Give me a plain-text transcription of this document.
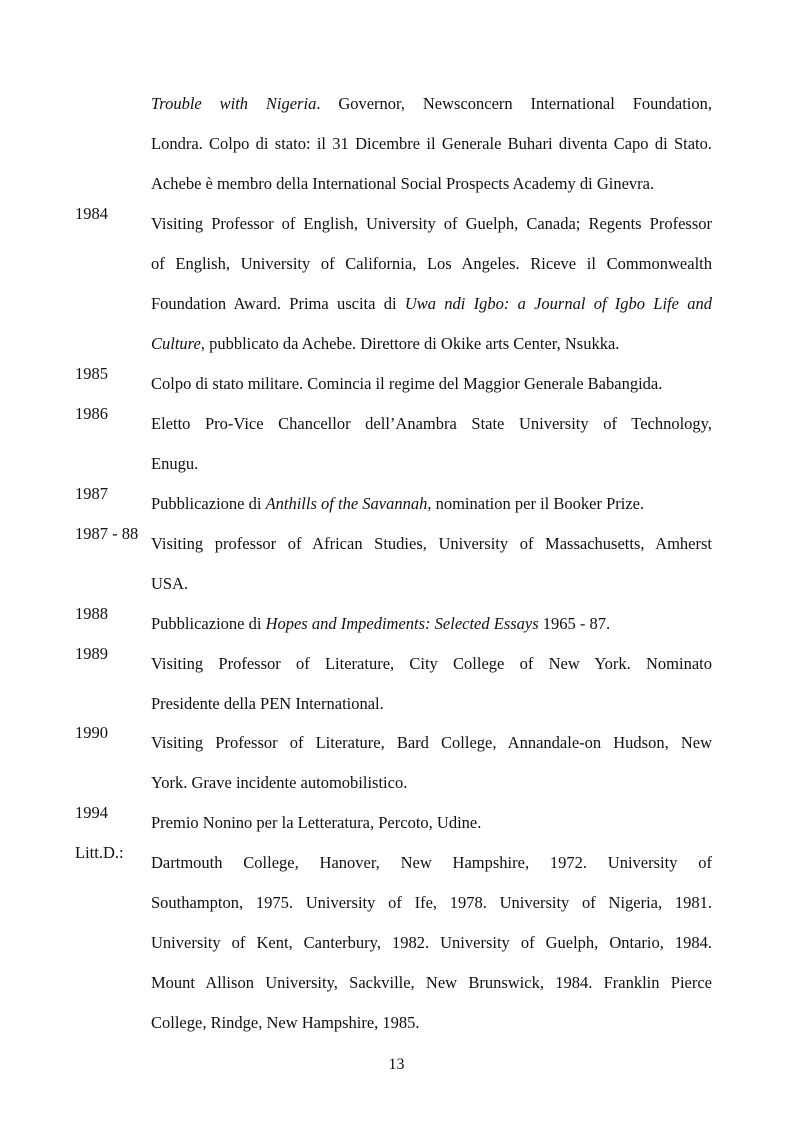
Trouble with Nigeria. Governor, Newsconcern International Foundation,
Londra. Colpo di stato: il 31 Dicembre il Generale Buhari diventa Capo di Stato.
Achebe è membro della International Social Prospects Academy di Ginevra.
1984
Visiting Professor of English, University of Guelph, Canada; Regents Professor
of English, University of California, Los Angeles. Riceve il Commonwealth
Foundation Award. Prima uscita di Uwa ndi Igbo: a Journal of Igbo Life and
Culture, pubblicato da Achebe. Direttore di Okike arts Center, Nsukka.
1985
Colpo di stato militare. Comincia il regime del Maggior Generale Babangida.
1986
Eletto Pro-Vice Chancellor dell’Anambra State University of Technology,
Enugu.
1987
Pubblicazione di Anthills of the Savannah, nomination per il Booker Prize.
1987 - 88
Visiting professor of African Studies, University of Massachusetts, Amherst
USA.
1988
Pubblicazione di Hopes and Impediments: Selected Essays 1965 - 87.
1989
Visiting Professor of Literature, City College of New York. Nominato
Presidente della PEN International.
1990
Visiting Professor of Literature, Bard College, Annandale-on Hudson, New
York. Grave incidente automobilistico.
1994
Premio Nonino per la Letteratura, Percoto, Udine.
Litt.D.:
Dartmouth College, Hanover, New Hampshire, 1972. University of
Southampton, 1975. University of Ife, 1978. University of Nigeria, 1981.
University of Kent, Canterbury, 1982. University of Guelph, Ontario, 1984.
Mount Allison University, Sackville, New Brunswick, 1984. Franklin Pierce
College, Rindge, New Hampshire, 1985.
13
